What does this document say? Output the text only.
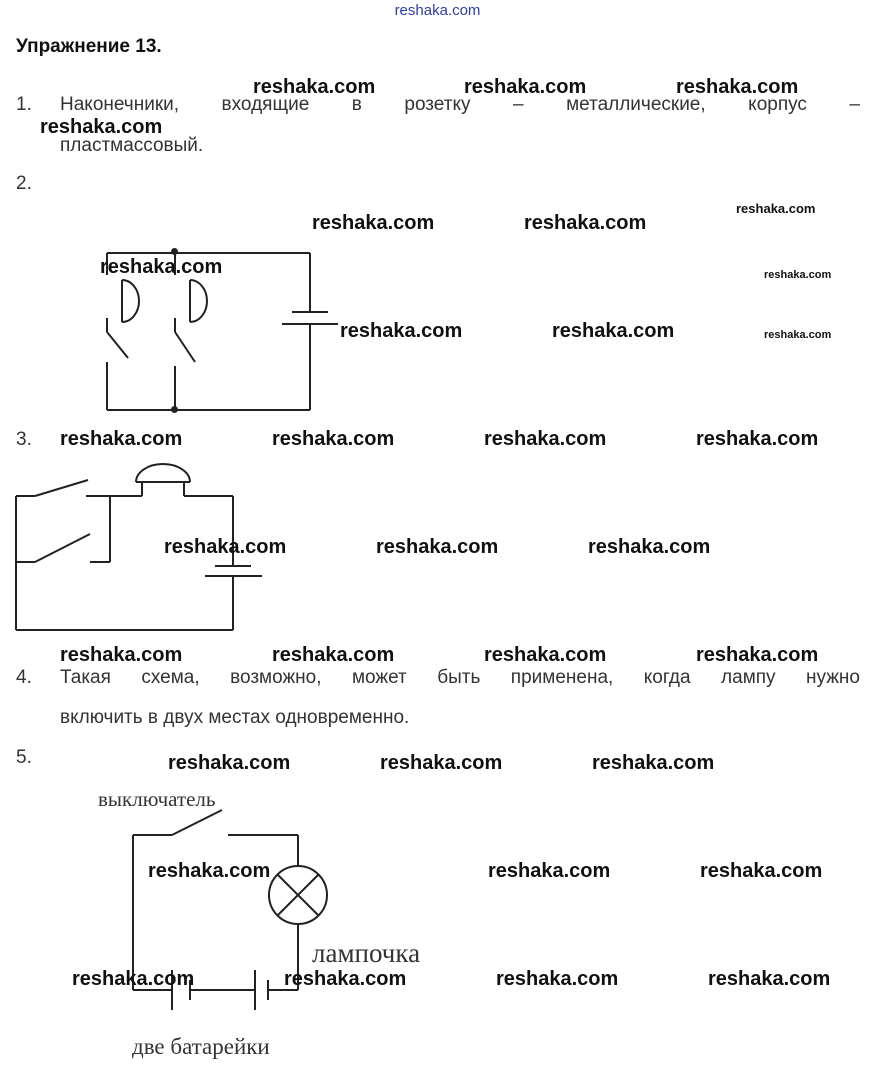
reshaka.com
Упражнение 13.
1. Наконечники, входящие в розетку – металлические, корпус –
пластмассовый.
2.
3.
4. Такая схема, возможно, может быть применена, когда лампу нужно
включить в двух местах одновременно.
5.
выключатель
лампочка
две батарейки
reshaka.com	reshaka.com	reshaka.com
reshaka.com
reshaka.com	reshaka.com
reshaka.com
reshaka.com	reshaka.com
reshaka.com	reshaka.com	reshaka.com	reshaka.com
reshaka.com	reshaka.com	reshaka.com
reshaka.com	reshaka.com	reshaka.com	reshaka.com
reshaka.com	reshaka.com	reshaka.com
reshaka.com	reshaka.com	reshaka.com
reshaka.com	reshaka.com	reshaka.com	reshaka.com
reshaka.com
reshaka.com
reshaka.com
